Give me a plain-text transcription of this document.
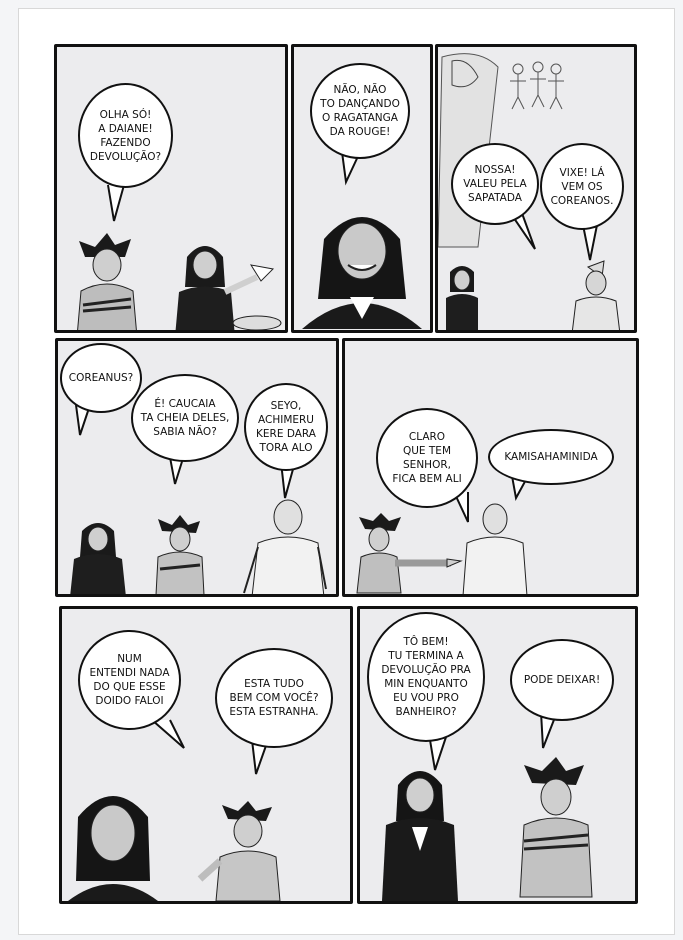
OLHA SÓ!
A DAIANE!
FAZENDO
DEVOLUÇÃO?
NÃO, NÃO
TO DANÇANDO
O RAGATANGA
DA ROUGE!
NOSSA!
VALEU PELA
SAPATADA
VIXE! LÁ
VEM OS
COREANOS.
COREANUS?
É! CAUCAIA
TA CHEIA DELES,
SABIA NÃO?
SEYO,
ACHIMERU
KERE DARA
TORA ALO
CLARO
QUE TEM
SENHOR,
FICA BEM ALI
KAMISAHAMINIDA
NUM
ENTENDI NADA
DO QUE ESSE
DOIDO FALOI
ESTA TUDO
BEM COM VOCÊ?
ESTA ESTRANHA.
TÔ BEM!
TU TERMINA A
DEVOLUÇÃO PRA
MIN ENQUANTO
EU VOU PRO
BANHEIRO?
PODE DEIXAR!
